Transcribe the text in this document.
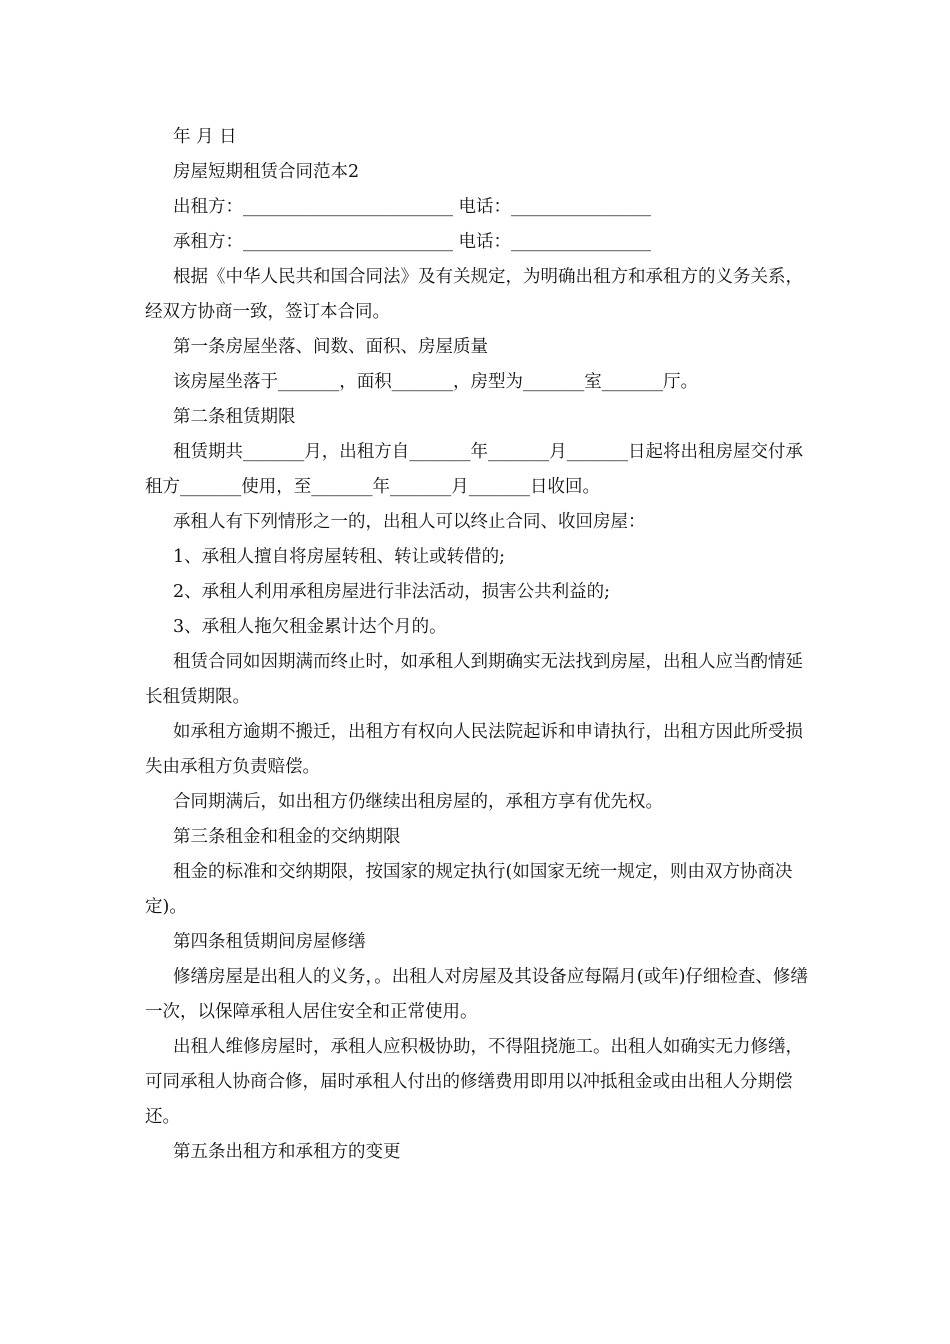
年 月 日

房屋短期租赁合同范本2

出租方：________________________ 电话：________________

承租方：________________________ 电话：________________

根据《中华人民共和国合同法》及有关规定，为明确出租方和承租方的义务关系，经双方协商一致，签订本合同。

第一条房屋坐落、间数、面积、房屋质量

该房屋坐落于_______，面积_______，房型为_______室_______厅。

第二条租赁期限

租赁期共_______月，出租方自_______年_______月_______日起将出租房屋交付承租方_______使用，至_______年_______月_______日收回。

承租人有下列情形之一的，出租人可以终止合同、收回房屋：

1、承租人擅自将房屋转租、转让或转借的;

2、承租人利用承租房屋进行非法活动，损害公共利益的;

3、承租人拖欠租金累计达个月的。

租赁合同如因期满而终止时，如承租人到期确实无法找到房屋，出租人应当酌情延长租赁期限。

如承租方逾期不搬迁，出租方有权向人民法院起诉和申请执行，出租方因此所受损失由承租方负责赔偿。

合同期满后，如出租方仍继续出租房屋的，承租方享有优先权。

第三条租金和租金的交纳期限

租金的标准和交纳期限，按国家的规定执行(如国家无统一规定，则由双方协商决定)。

第四条租赁期间房屋修缮

修缮房屋是出租人的义务，。出租人对房屋及其设备应每隔月(或年)仔细检查、修缮一次，以保障承租人居住安全和正常使用。

出租人维修房屋时，承租人应积极协助，不得阻挠施工。出租人如确实无力修缮，可同承租人协商合修，届时承租人付出的修缮费用即用以冲抵租金或由出租人分期偿还。

第五条出租方和承租方的变更
